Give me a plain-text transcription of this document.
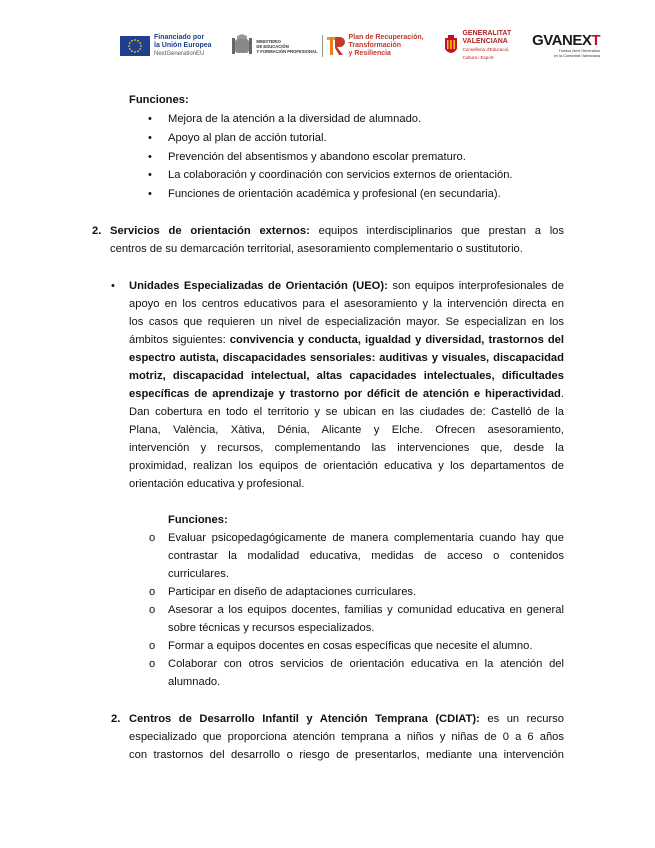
Financiado por
la Unión Europea
NextGenerationEU
MINISTERIO
DE EDUCACIÓN
Y FORMACIÓN PROFESIONAL
Plan de Recuperación,
Transformación
y Resiliencia
GENERALITAT
VALENCIANA
Conselleria d'Educació,
Cultura i Esport
GVANEXT
Fondos Next Generation
en la Comunitat Valenciana
Funciones:
• Mejora de la atención a la diversidad de alumnado.
• Apoyo al plan de acción tutorial.
• Prevención del absentismos y abandono escolar prematuro.
• La colaboración y coordinación con servicios externos de orientación.
• Funciones de orientación académica y profesional (en secundaria).
2. Servicios de orientación externos: equipos interdisciplinarios que prestan a los
centros de su demarcación territorial, asesoramiento complementario o sustitutorio.
• Unidades Especializadas de Orientación (UEO): son equipos interprofesionales de
apoyo en los centros educativos para el asesoramiento y la intervención directa en
los casos que requieren un nivel de especialización mayor. Se especializan en los
ámbitos siguientes: convivencia y conducta, igualdad y diversidad, trastornos del
espectro autista, discapacidades sensoriales: auditivas y visuales, discapacidad
motriz, discapacidad intelectual, altas capacidades intelectuales, dificultades
específicas de aprendizaje y trastorno por déficit de atención e hiperactividad.
Dan cobertura en todo el territorio y se ubican en las ciudades de: Castelló de la
Plana, València, Xàtiva, Dénia, Alicante y Elche. Ofrecen asesoramiento,
intervención y recursos, complementando las intervenciones que, desde la
proximidad, realizan los equipos de orientación educativa y los departamentos de
orientación educativa y profesional.
Funciones:
o Evaluar psicopedagógicamente de manera complementaria cuando hay que
contrastar la modalidad educativa, medidas de acceso o contenidos
curriculares.
o Participar en diseño de adaptaciones curriculares.
o Asesorar a los equipos docentes, familias y comunidad educativa en general
sobre técnicas y recursos especializados.
o Formar a equipos docentes en cosas específicas que necesite el alumno.
o Colaborar con otros servicios de orientación educativa en la atención del
alumnado.
2. Centros de Desarrollo Infantil y Atención Temprana (CDIAT): es un recurso
especializado que proporciona atención temprana a niños y niñas de 0 a 6 años
con trastornos del desarrollo o riesgo de presentarlos, mediante una intervención
